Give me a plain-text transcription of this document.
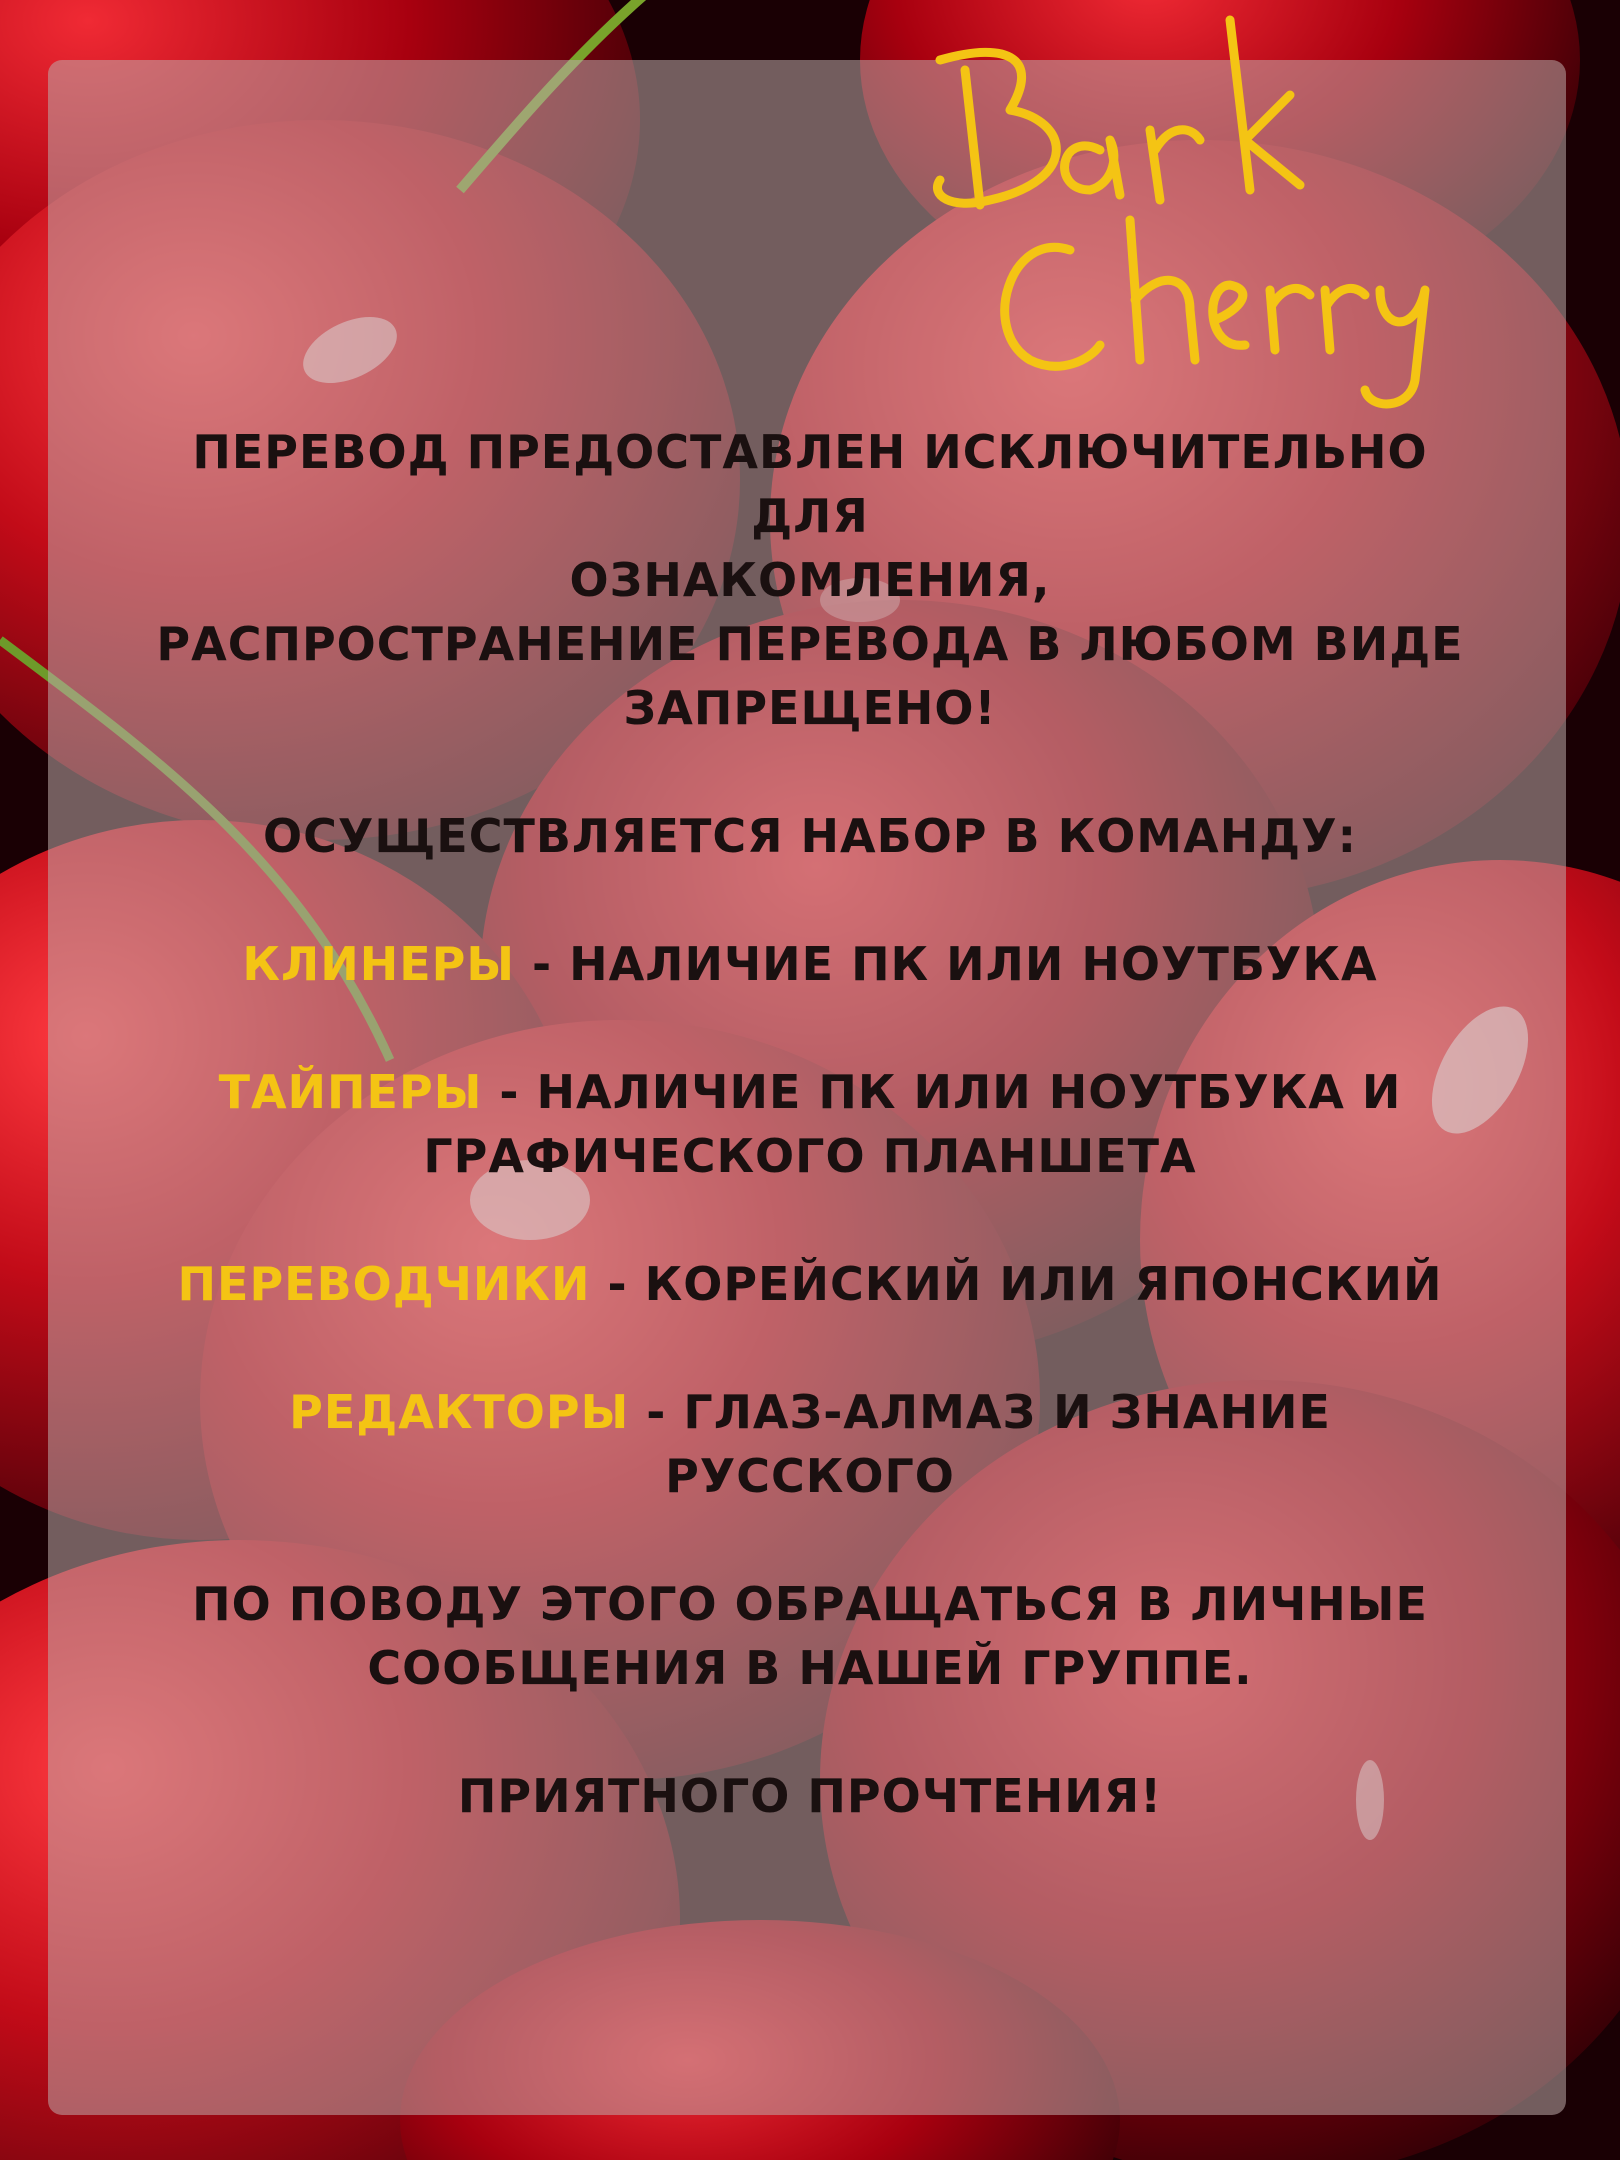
ПЕРЕВОД ПРЕДОСТАВЛЕН ИСКЛЮЧИТЕЛЬНО ДЛЯ

ОЗНАКОМЛЕНИЯ,

РАСПРОСТРАНЕНИЕ ПЕРЕВОДА В ЛЮБОМ ВИДЕ

ЗАПРЕЩЕНО!

ОСУЩЕСТВЛЯЕТСЯ НАБОР В КОМАНДУ:

КЛИНЕРЫ - НАЛИЧИЕ ПК ИЛИ НОУТБУКА

ТАЙПЕРЫ - НАЛИЧИЕ ПК ИЛИ НОУТБУКА И

ГРАФИЧЕСКОГО ПЛАНШЕТА

ПЕРЕВОДЧИКИ - КОРЕЙСКИЙ ИЛИ ЯПОНСКИЙ

РЕДАКТОРЫ - ГЛАЗ-АЛМАЗ И ЗНАНИЕ РУССКОГО

ПО ПОВОДУ ЭТОГО ОБРАЩАТЬСЯ В ЛИЧНЫЕ

СООБЩЕНИЯ В НАШЕЙ ГРУППЕ.

ПРИЯТНОГО ПРОЧТЕНИЯ!
